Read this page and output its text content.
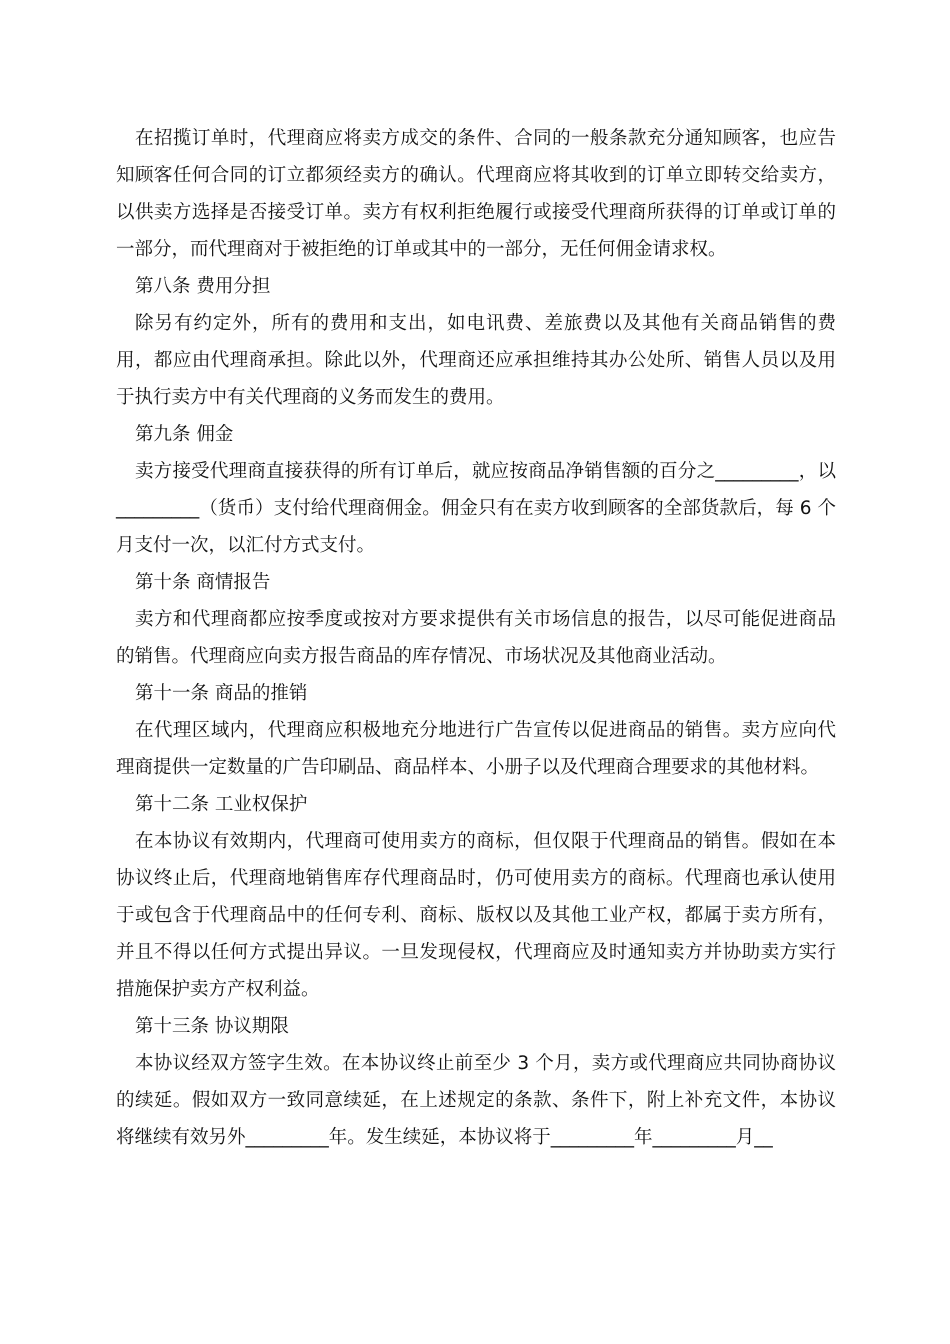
在招揽订单时，代理商应将卖方成交的条件、合同的一般条款充分通知顾客，也应告知顾客任何合同的订立都须经卖方的确认。代理商应将其收到的订单立即转交给卖方，以供卖方选择是否接受订单。卖方有权利拒绝履行或接受代理商所获得的订单或订单的一部分，而代理商对于被拒绝的订单或其中的一部分，无任何佣金请求权。

第八条 费用分担

除另有约定外，所有的费用和支出，如电讯费、差旅费以及其他有关商品销售的费用，都应由代理商承担。除此以外，代理商还应承担维持其办公处所、销售人员以及用于执行卖方中有关代理商的义务而发生的费用。

第九条 佣金

卖方接受代理商直接获得的所有订单后，就应按商品净销售额的百分之_________，以_________（货币）支付给代理商佣金。佣金只有在卖方收到顾客的全部货款后，每 6 个月支付一次，以汇付方式支付。

第十条 商情报告

卖方和代理商都应按季度或按对方要求提供有关市场信息的报告，以尽可能促进商品的销售。代理商应向卖方报告商品的库存情况、市场状况及其他商业活动。

第十一条 商品的推销

在代理区域内，代理商应积极地充分地进行广告宣传以促进商品的销售。卖方应向代理商提供一定数量的广告印刷品、商品样本、小册子以及代理商合理要求的其他材料。

第十二条 工业权保护

在本协议有效期内，代理商可使用卖方的商标，但仅限于代理商品的销售。假如在本协议终止后，代理商地销售库存代理商品时，仍可使用卖方的商标。代理商也承认使用于或包含于代理商品中的任何专利、商标、版权以及其他工业产权，都属于卖方所有，并且不得以任何方式提出异议。一旦发现侵权，代理商应及时通知卖方并协助卖方实行措施保护卖方产权利益。

第十三条 协议期限

本协议经双方签字生效。在本协议终止前至少 3 个月，卖方或代理商应共同协商协议的续延。假如双方一致同意续延，在上述规定的条款、条件下，附上补充文件，本协议将继续有效另外_________年。发生续延，本协议将于_________年_________月__
